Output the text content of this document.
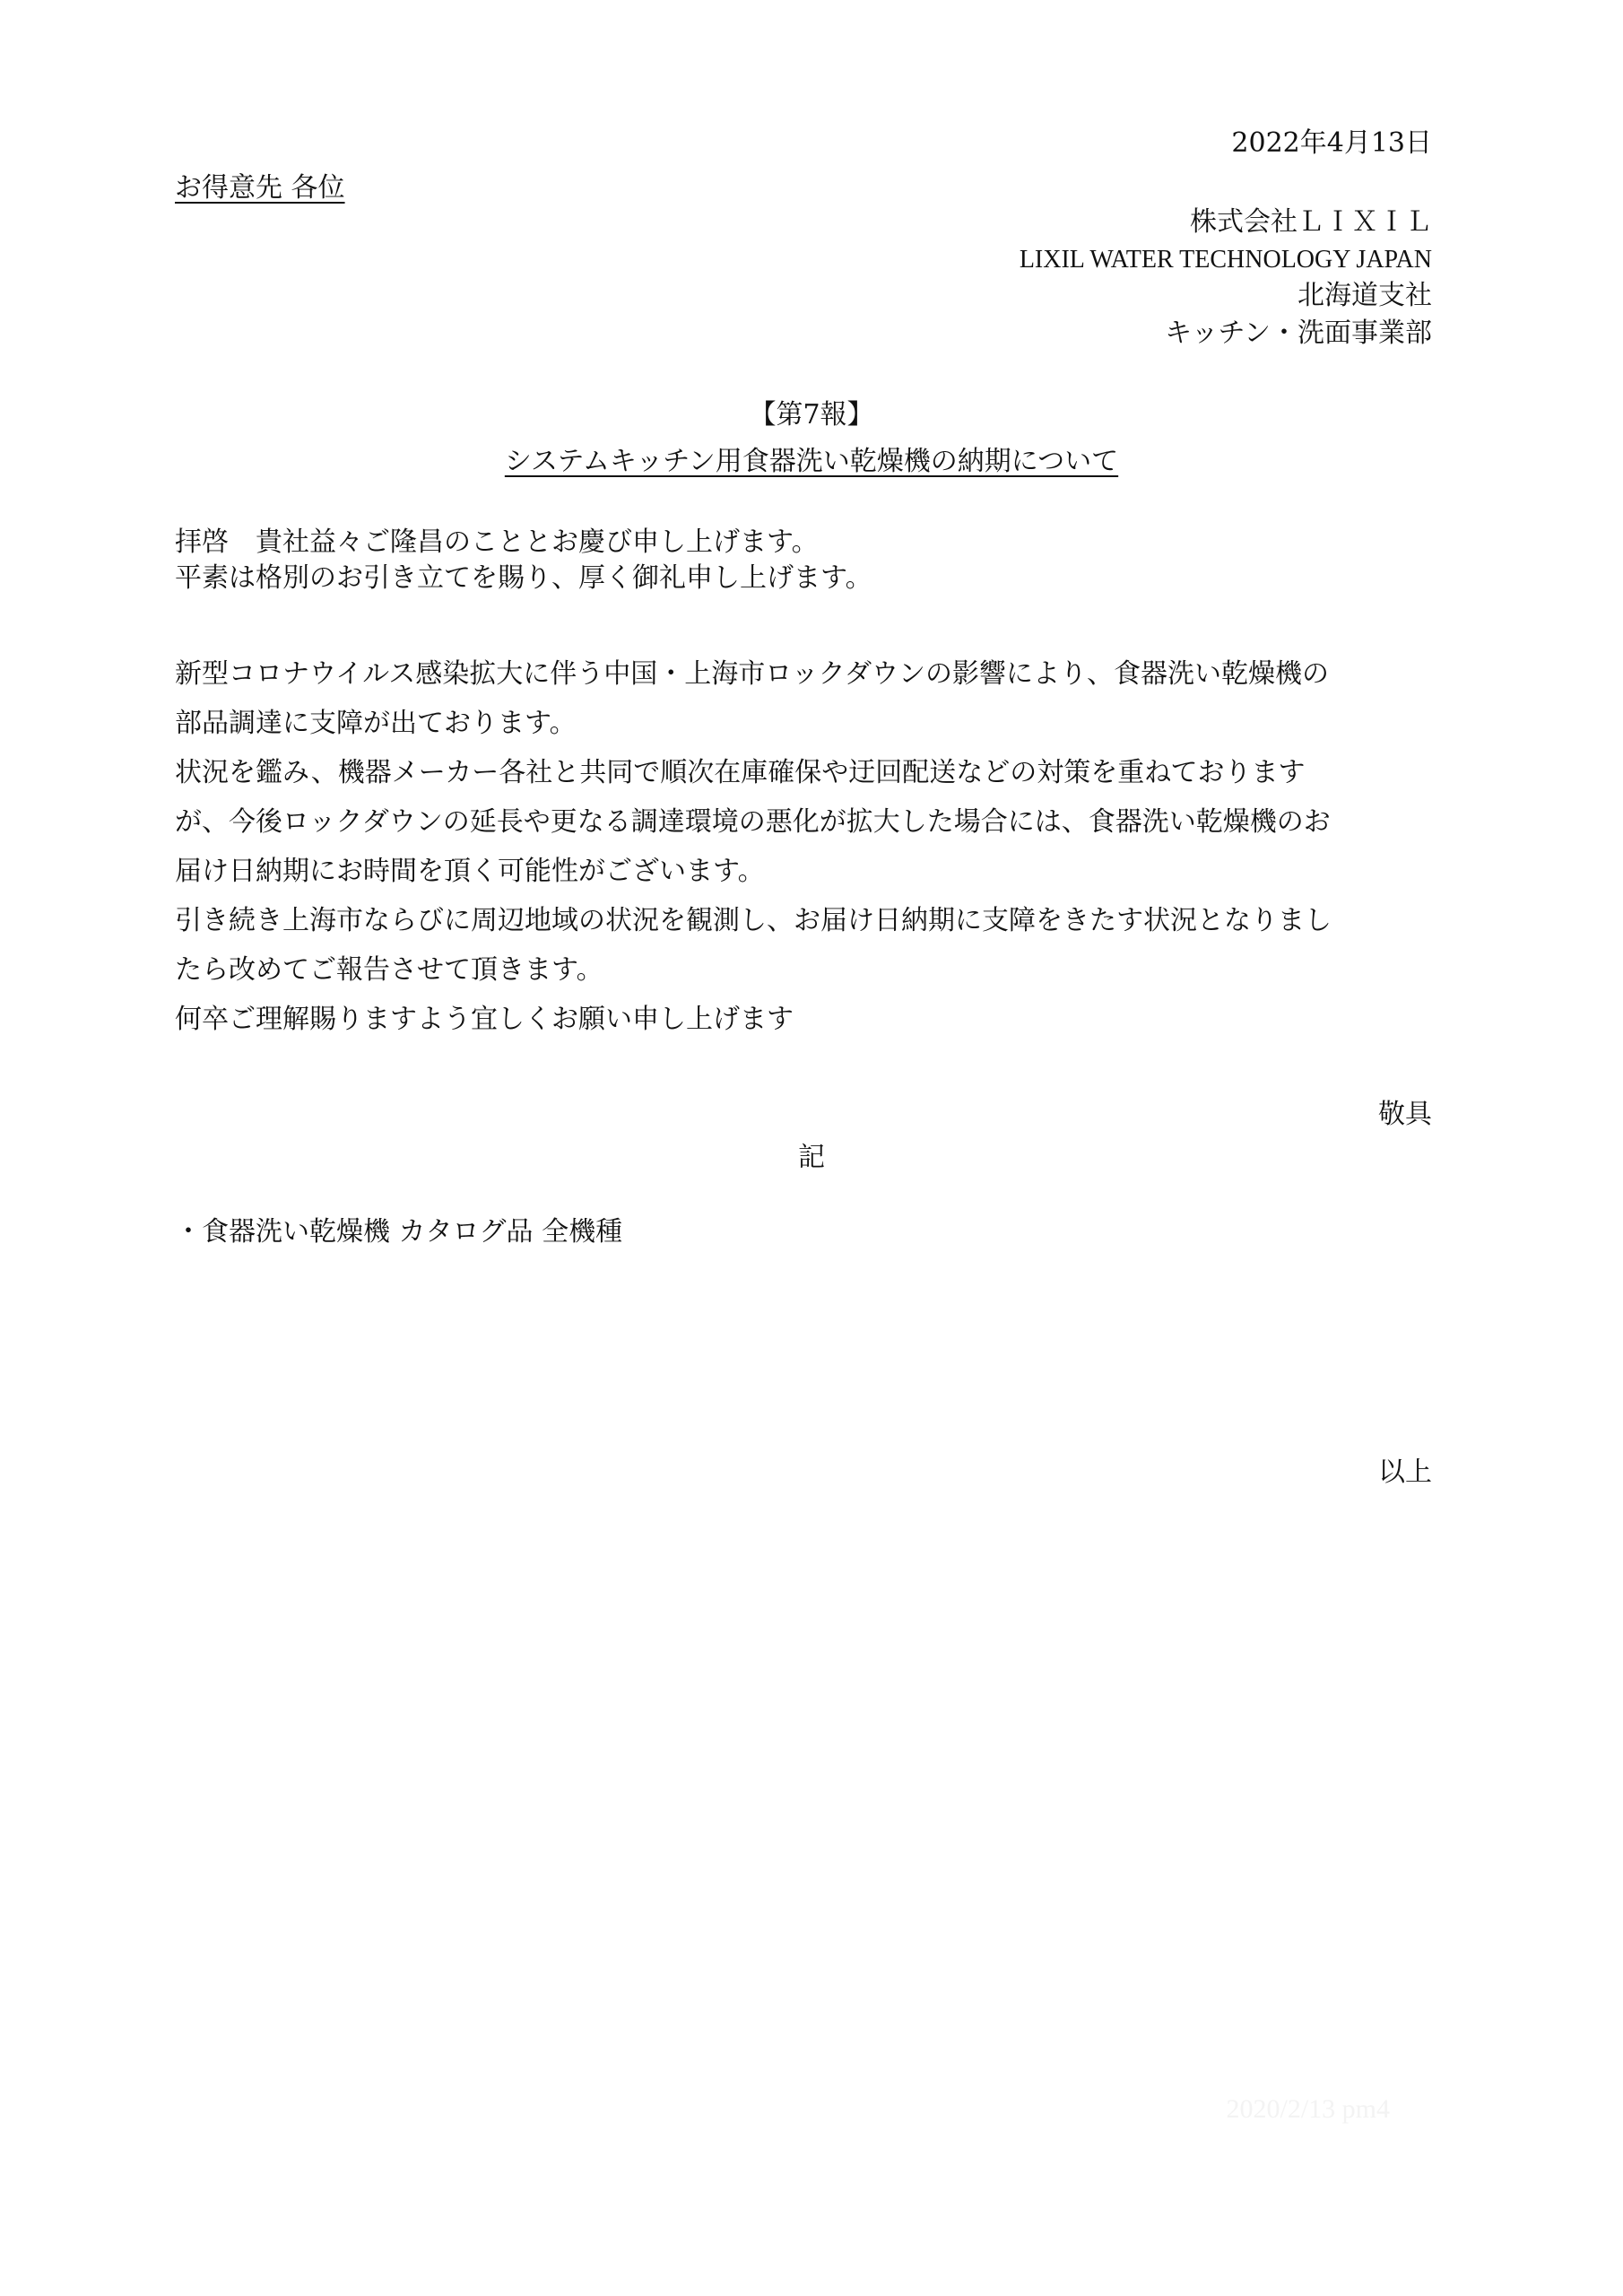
2022年4月13日
お得意先 各位
株式会社ＬＩＸＩＬ
LIXIL WATER TECHNOLOGY JAPAN
北海道支社
キッチン・洗面事業部
【第7報】
システムキッチン用食器洗い乾燥機の納期について
拝啓　貴社益々ご隆昌のこととお慶び申し上げます。
平素は格別のお引き立てを賜り、厚く御礼申し上げます。
新型コロナウイルス感染拡大に伴う中国・上海市ロックダウンの影響により、食器洗い乾燥機の
部品調達に支障が出ております。
状況を鑑み、機器メーカー各社と共同で順次在庫確保や迂回配送などの対策を重ねております
が、今後ロックダウンの延長や更なる調達環境の悪化が拡大した場合には、食器洗い乾燥機のお
届け日納期にお時間を頂く可能性がございます。
引き続き上海市ならびに周辺地域の状況を観測し、お届け日納期に支障をきたす状況となりまし
たら改めてご報告させて頂きます。
何卒ご理解賜りますよう宜しくお願い申し上げます
敬具
記
・食器洗い乾燥機 カタログ品 全機種
以上
2020/2/13 pm4
